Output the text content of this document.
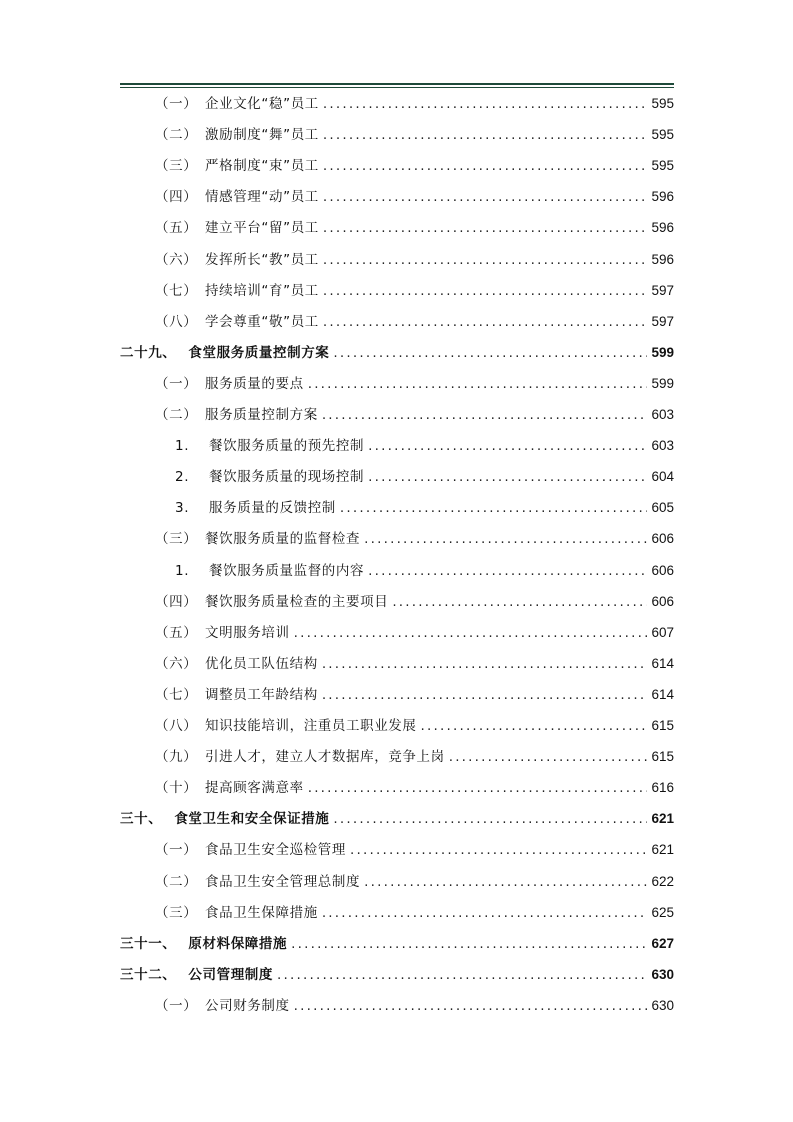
（一） 企业文化“稳”员工 .....	595
（二） 激励制度“舞”员工 .....	595
（三） 严格制度“束”员工 .....	595
（四） 情感管理“动”员工 .....	596
（五） 建立平台“留”员工 .....	596
（六） 发挥所长“教”员工 .....	596
（七） 持续培训“育”员工 .....	597
（八） 学会尊重“敬”员工 .....	597
二十九、 食堂服务质量控制方案 .....	599
（一） 服务质量的要点 .....	599
（二） 服务质量控制方案 .....	603
1.	餐饮服务质量的预先控制 .....	603
2.	餐饮服务质量的现场控制 .....	604
3.	服务质量的反馈控制 .....	605
（三） 餐饮服务质量的监督检查 .....	606
1.	餐饮服务质量监督的内容 .....	606
（四） 餐饮服务质量检查的主要项目 .....	606
（五） 文明服务培训 .....	607
（六） 优化员工队伍结构 .....	614
（七） 调整员工年龄结构 .....	614
（八） 知识技能培训，注重员工职业发展 .....	615
（九） 引进人才，建立人才数据库，竞争上岗 .....	615
（十） 提高顾客满意率 .....	616
三十、 食堂卫生和安全保证措施 .....	621
（一） 食品卫生安全巡检管理 .....	621
（二） 食品卫生安全管理总制度 .....	622
（三） 食品卫生保障措施 .....	625
三十一、 原材料保障措施 .....	627
三十二、 公司管理制度 .....	630
（一） 公司财务制度 .....	630
